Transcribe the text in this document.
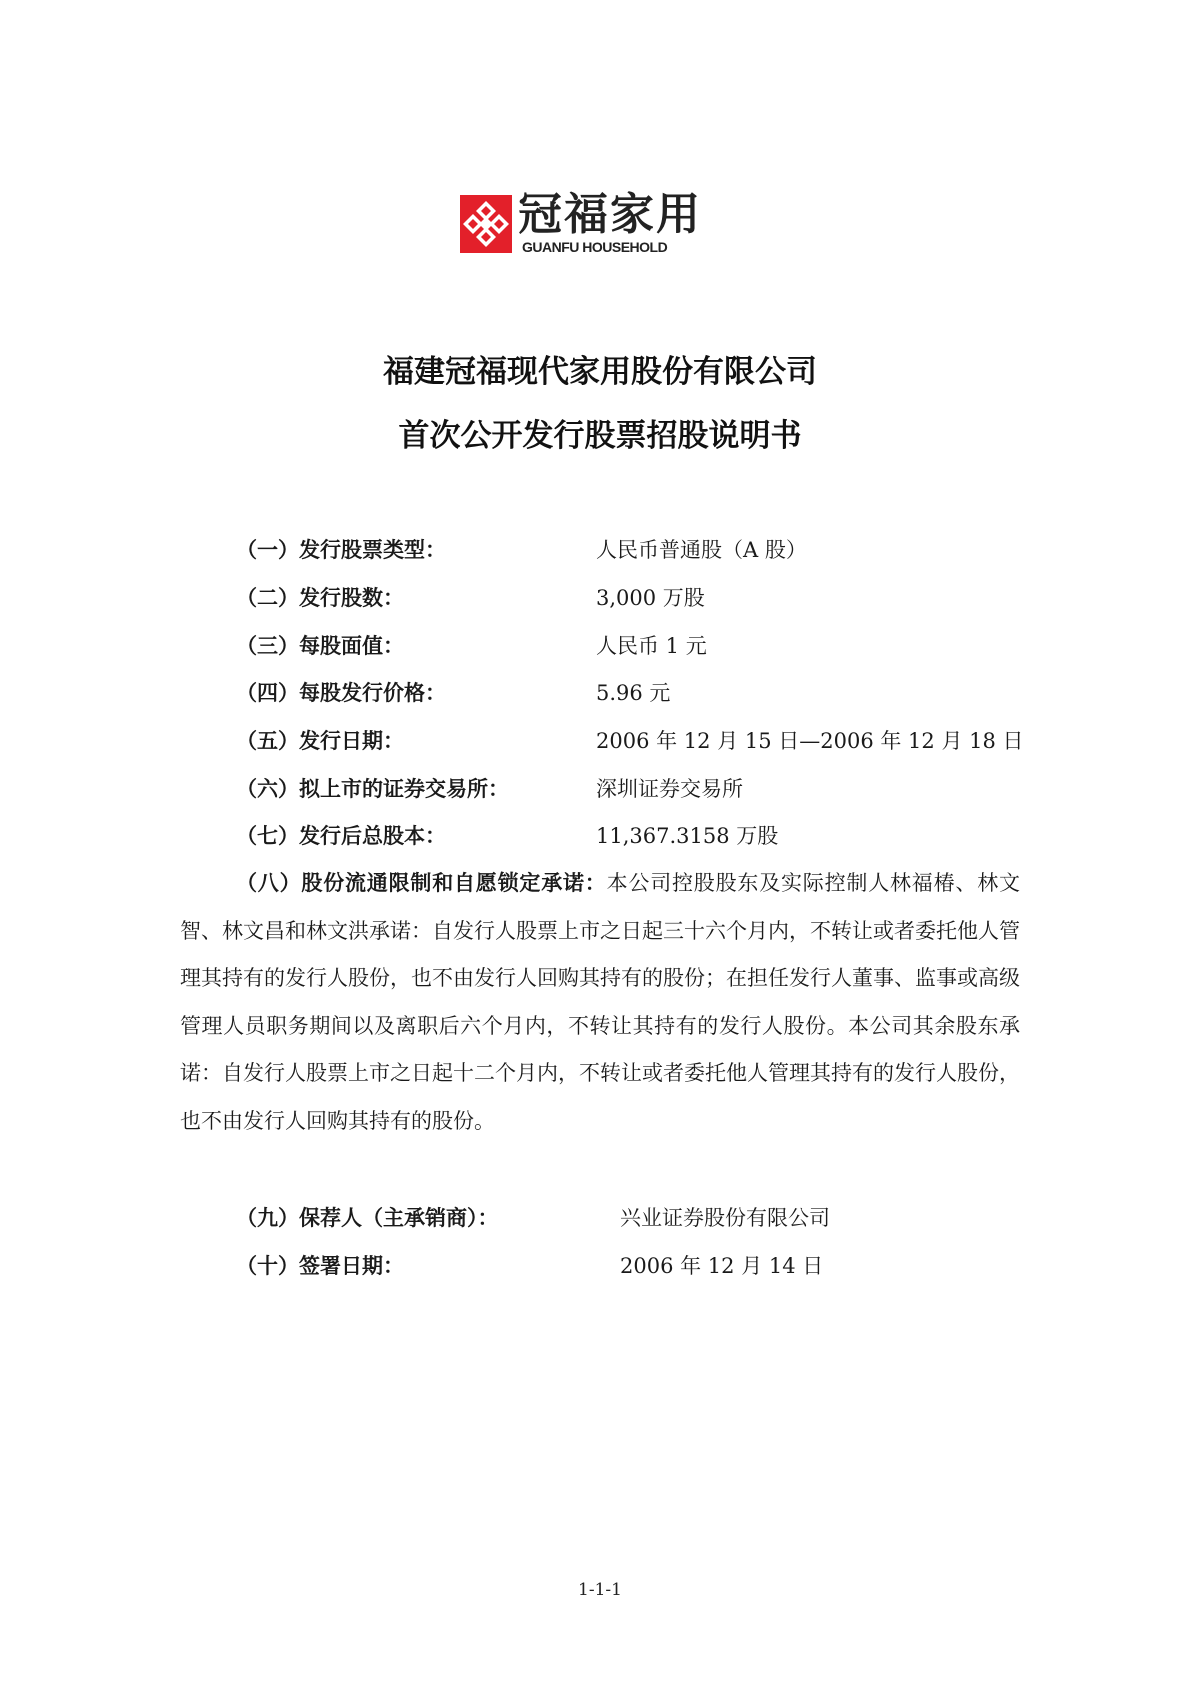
冠福家用
GUANFU HOUSEHOLD
福建冠福现代家用股份有限公司
首次公开发行股票招股说明书
（一）发行股票类型：	人民币普通股（A 股）
（二）发行股数：	3,000 万股
（三）每股面值：	人民币 1 元
（四）每股发行价格：	5.96 元
（五）发行日期：	2006 年 12 月 15 日—2006 年 12 月 18 日
（六）拟上市的证券交易所：	深圳证券交易所
（七）发行后总股本：	11,367.3158 万股
（八）股份流通限制和自愿锁定承诺：本公司控股股东及实际控制人林福椿、林文智、林文昌和林文洪承诺：自发行人股票上市之日起三十六个月内，不转让或者委托他人管理其持有的发行人股份，也不由发行人回购其持有的股份；在担任发行人董事、监事或高级管理人员职务期间以及离职后六个月内，不转让其持有的发行人股份。本公司其余股东承诺：自发行人股票上市之日起十二个月内，不转让或者委托他人管理其持有的发行人股份，也不由发行人回购其持有的股份。
（九）保荐人（主承销商）：	兴业证券股份有限公司
（十）签署日期：	2006 年 12 月 14 日
1-1-1
